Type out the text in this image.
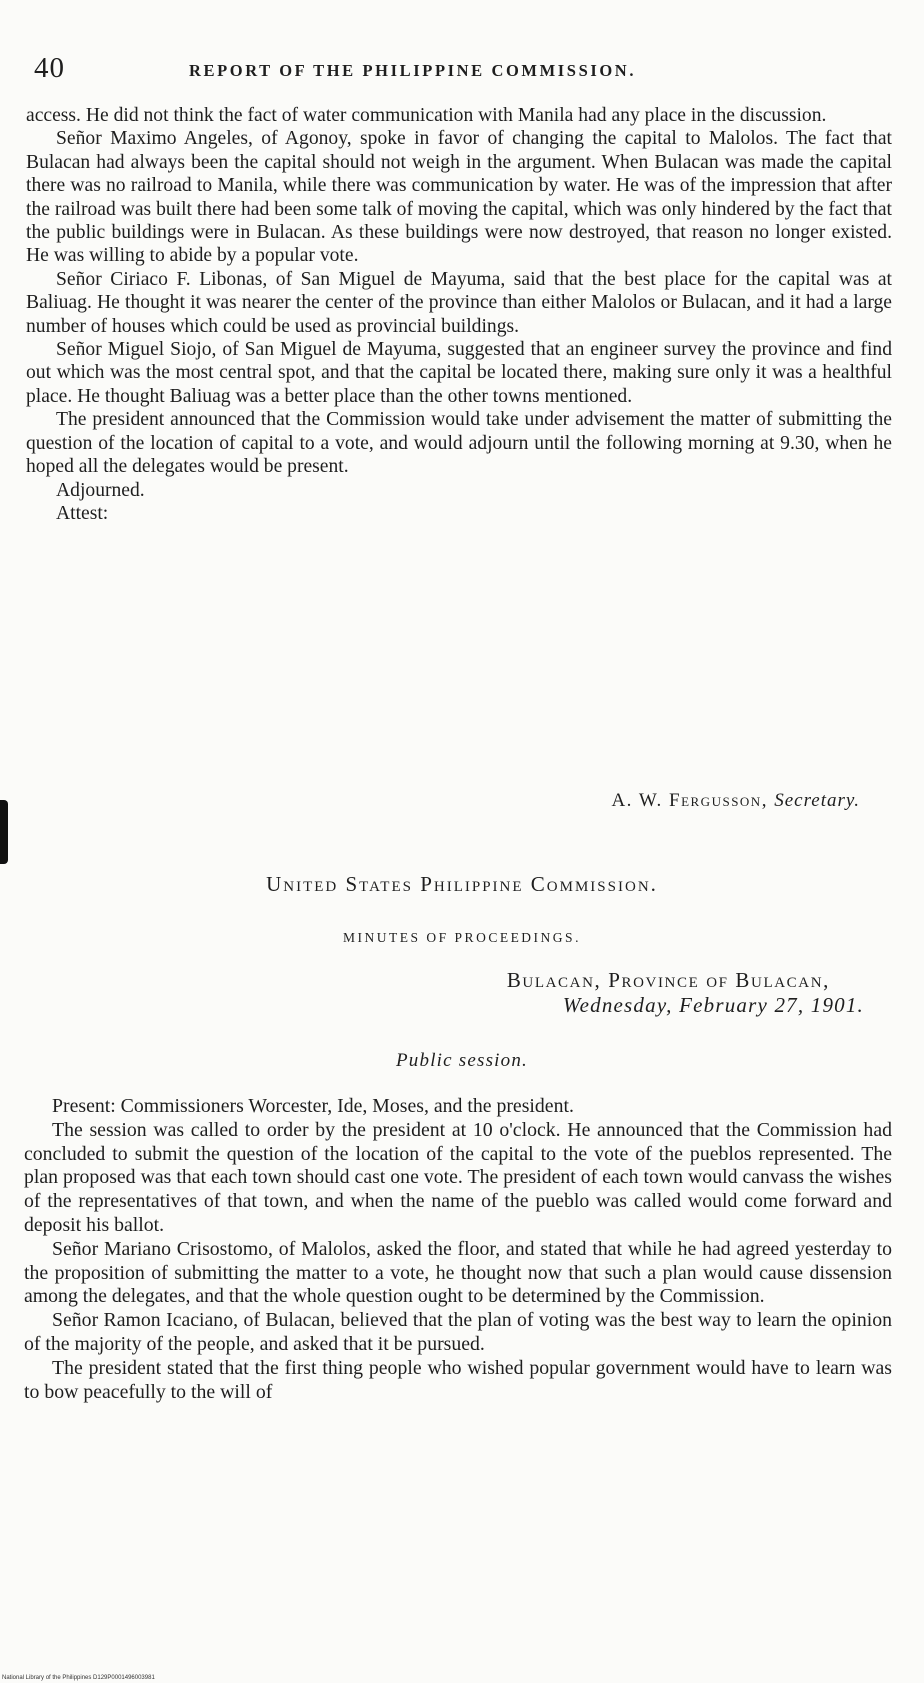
40	REPORT OF THE PHILIPPINE COMMISSION.

access. He did not think the fact of water communication with Manila had any place in the discussion.

Señor Maximo Angeles, of Agonoy, spoke in favor of changing the capital to Malolos. The fact that Bulacan had always been the capital should not weigh in the argument. When Bulacan was made the capital there was no railroad to Manila, while there was communication by water. He was of the impression that after the railroad was built there had been some talk of moving the capital, which was only hindered by the fact that the public buildings were in Bulacan. As these buildings were now destroyed, that reason no longer existed. He was willing to abide by a popular vote.

Señor Ciriaco F. Libonas, of San Miguel de Mayuma, said that the best place for the capital was at Baliuag. He thought it was nearer the center of the province than either Malolos or Bulacan, and it had a large number of houses which could be used as provincial buildings.

Señor Miguel Siojo, of San Miguel de Mayuma, suggested that an engineer survey the province and find out which was the most central spot, and that the capital be located there, making sure only it was a healthful place. He thought Baliuag was a better place than the other towns mentioned.

The president announced that the Commission would take under advisement the matter of submitting the question of the location of capital to a vote, and would adjourn until the following morning at 9.30, when he hoped all the delegates would be present.

Adjourned.

Attest:

A. W. Fergusson, Secretary.
United States Philippine Commission.
MINUTES OF PROCEEDINGS.
Bulacan, Province of Bulacan,
Wednesday, February 27, 1901.
Public session.

Present: Commissioners Worcester, Ide, Moses, and the president.

The session was called to order by the president at 10 o'clock. He announced that the Commission had concluded to submit the question of the location of the capital to the vote of the pueblos represented. The plan proposed was that each town should cast one vote. The president of each town would canvass the wishes of the representatives of that town, and when the name of the pueblo was called would come forward and deposit his ballot.

Señor Mariano Crisostomo, of Malolos, asked the floor, and stated that while he had agreed yesterday to the proposition of submitting the matter to a vote, he thought now that such a plan would cause dissension among the delegates, and that the whole question ought to be determined by the Commission.

Señor Ramon Icaciano, of Bulacan, believed that the plan of voting was the best way to learn the opinion of the majority of the people, and asked that it be pursued.

The president stated that the first thing people who wished popular government would have to learn was to bow peacefully to the will of

National Library of the Philippines D129P0001496003981
